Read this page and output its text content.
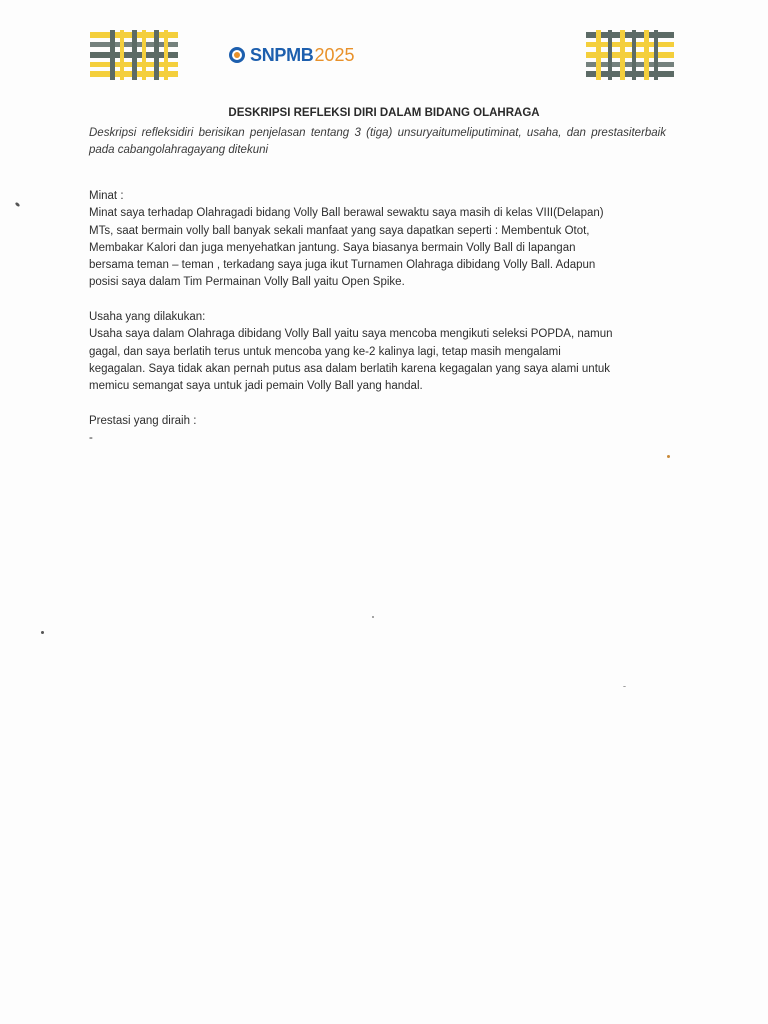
SNPMB 2025
DESKRIPSI REFLEKSI DIRI DALAM BIDANG OLAHRAGA
Deskripsi refleksidiri berisikan penjelasan tentang 3 (tiga) unsuryaitumeliputiminat, usaha, dan prestasiterbaik pada cabangolahragayang ditekuni
Minat :
Minat saya terhadap Olahragadi bidang Volly Ball berawal sewaktu saya masih di kelas VIII(Delapan)
MTs, saat bermain volly ball banyak sekali manfaat yang saya dapatkan seperti : Membentuk Otot,
Membakar Kalori dan juga menyehatkan jantung. Saya biasanya bermain Volly Ball di lapangan
bersama teman – teman , terkadang saya juga ikut Turnamen Olahraga dibidang Volly Ball. Adapun
posisi saya dalam Tim Permainan Volly Ball yaitu Open Spike.
Usaha yang dilakukan:
Usaha saya dalam Olahraga dibidang Volly Ball yaitu saya mencoba mengikuti seleksi POPDA, namun
gagal, dan saya berlatih terus untuk mencoba yang ke-2 kalinya lagi, tetap masih mengalami
kegagalan. Saya tidak akan pernah putus asa dalam berlatih karena kegagalan yang saya alami untuk
memicu semangat saya untuk jadi pemain Volly Ball yang handal.
Prestasi yang diraih :
-
